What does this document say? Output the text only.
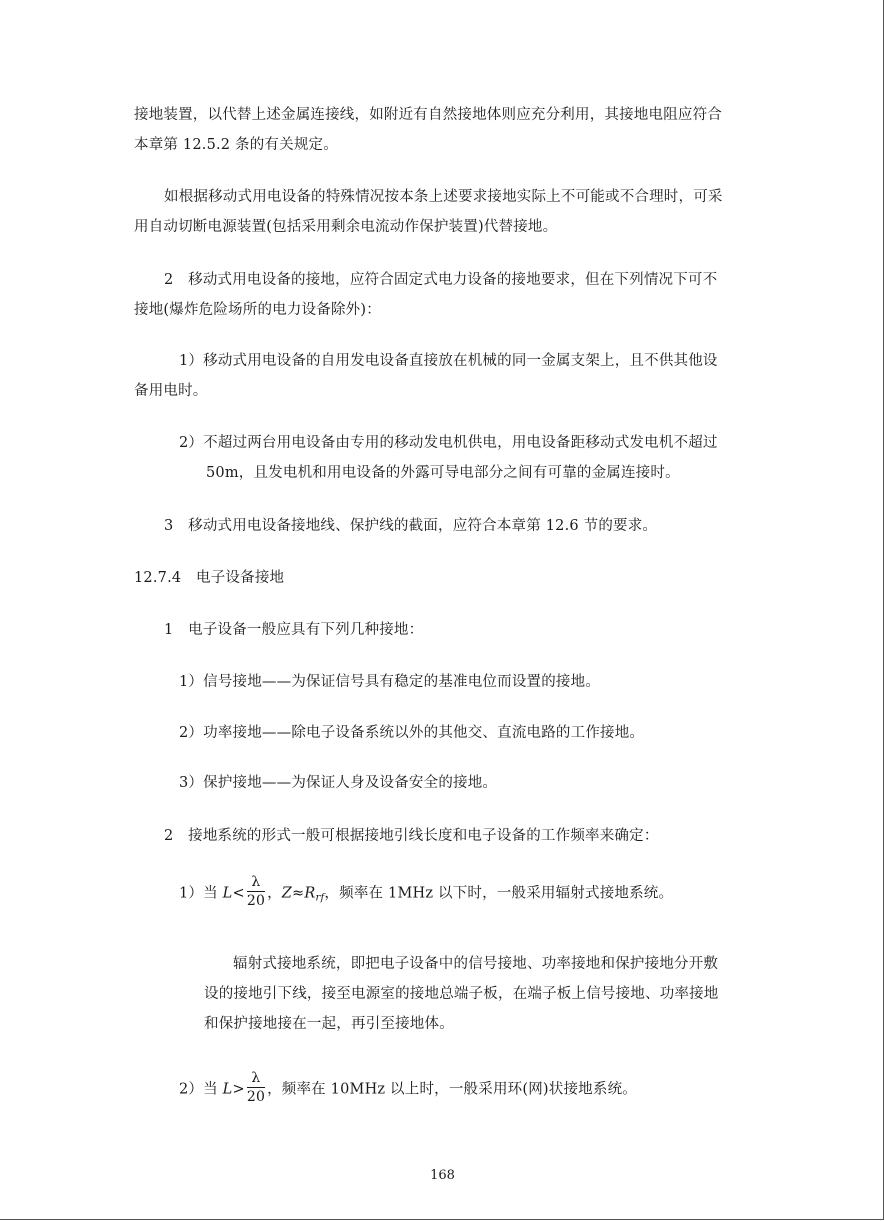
接地装置，以代替上述金属连接线，如附近有自然接地体则应充分利用，其接地电阻应符合
本章第 12.5.2 条的有关规定。
如根据移动式用电设备的特殊情况按本条上述要求接地实际上不可能或不合理时，可采
用自动切断电源装置(包括采用剩余电流动作保护装置)代替接地。
2　移动式用电设备的接地，应符合固定式电力设备的接地要求，但在下列情况下可不
接地(爆炸危险场所的电力设备除外)：
1）移动式用电设备的自用发电设备直接放在机械的同一金属支架上，且不供其他设
备用电时。
2）不超过两台用电设备由专用的移动发电机供电，用电设备距移动式发电机不超过
50m，且发电机和用电设备的外露可导电部分之间有可靠的金属连接时。
3　移动式用电设备接地线、保护线的截面，应符合本章第 12.6 节的要求。
12.7.4　电子设备接地
1　电子设备一般应具有下列几种接地：
1）信号接地——为保证信号具有稳定的基准电位而设置的接地。
2）功率接地——除电子设备系统以外的其他交、直流电路的工作接地。
3）保护接地——为保证人身及设备安全的接地。
2　接地系统的形式一般可根据接地引线长度和电子设备的工作频率来确定：
1）当 $L< \frac{\lambda}{20}$ ，$Z\approx R_{rf}$，频率在 1MHz 以下时，一般采用辐射式接地系统。
辐射式接地系统，即把电子设备中的信号接地、功率接地和保护接地分开敷
设的接地引下线，接至电源室的接地总端子板，在端子板上信号接地、功率接地
和保护接地接在一起，再引至接地体。
2）当 $L> \frac{\lambda}{20}$ ，频率在 10MHz 以上时，一般采用环(网)状接地系统。
168
